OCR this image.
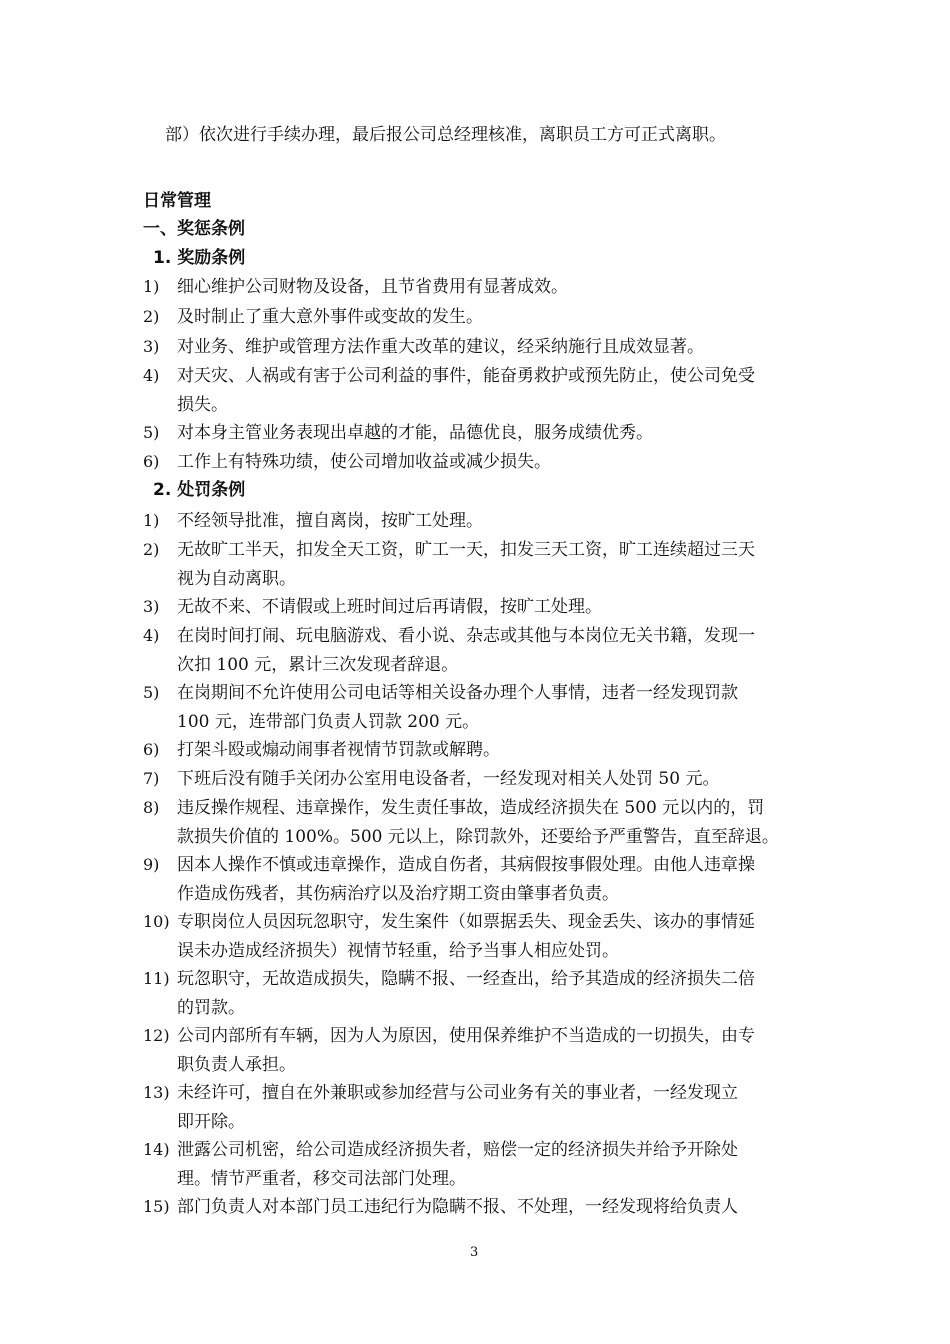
部）依次进行手续办理，最后报公司总经理核准，离职员工方可正式离职。
日常管理
一、奖惩条例
1. 奖励条例
1) 细心维护公司财物及设备，且节省费用有显著成效。
2) 及时制止了重大意外事件或变故的发生。
3) 对业务、维护或管理方法作重大改革的建议，经采纳施行且成效显著。
4) 对天灾、人祸或有害于公司利益的事件，能奋勇救护或预先防止，使公司免受
损失。
5) 对本身主管业务表现出卓越的才能，品德优良，服务成绩优秀。
6) 工作上有特殊功绩，使公司增加收益或减少损失。
2. 处罚条例
1) 不经领导批准，擅自离岗，按旷工处理。
2) 无故旷工半天，扣发全天工资，旷工一天，扣发三天工资，旷工连续超过三天
视为自动离职。
3) 无故不来、不请假或上班时间过后再请假，按旷工处理。
4) 在岗时间打闹、玩电脑游戏、看小说、杂志或其他与本岗位无关书籍，发现一
次扣 100 元，累计三次发现者辞退。
5) 在岗期间不允许使用公司电话等相关设备办理个人事情，违者一经发现罚款
100 元，连带部门负责人罚款 200 元。
6) 打架斗殴或煽动闹事者视情节罚款或解聘。
7) 下班后没有随手关闭办公室用电设备者，一经发现对相关人处罚 50 元。
8) 违反操作规程、违章操作，发生责任事故，造成经济损失在 500 元以内的，罚
款损失价值的 100%。500 元以上，除罚款外，还要给予严重警告，直至辞退。
9) 因本人操作不慎或违章操作，造成自伤者，其病假按事假处理。由他人违章操
作造成伤残者，其伤病治疗以及治疗期工资由肇事者负责。
10) 专职岗位人员因玩忽职守，发生案件（如票据丢失、现金丢失、该办的事情延
误未办造成经济损失）视情节轻重，给予当事人相应处罚。
11) 玩忽职守，无故造成损失，隐瞒不报、一经查出，给予其造成的经济损失二倍
的罚款。
12) 公司内部所有车辆，因为人为原因，使用保养维护不当造成的一切损失，由专
职负责人承担。
13) 未经许可，擅自在外兼职或参加经营与公司业务有关的事业者，一经发现立
即开除。
14) 泄露公司机密，给公司造成经济损失者，赔偿一定的经济损失并给予开除处
理。情节严重者，移交司法部门处理。
15) 部门负责人对本部门员工违纪行为隐瞒不报、不处理，一经发现将给负责人
3
